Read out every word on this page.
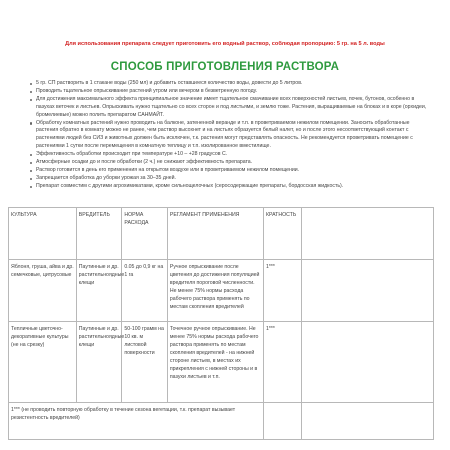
Для использования препарата следует приготовить его водный раствор, соблюдая пропорцию: 5 гр. на 5 л. воды
СПОСОБ ПРИГОТОВЛЕНИЯ РАСТВОРА
5 гр. СП растворить в 1 стакане воды (250 мл) и добавить оставшееся количество воды, довести до 5 литров.
Проводить тщательное опрыскивание растений утром или вечером в безветренную погоду.
Для достижения максимального эффекта принципиальное значение имеет тщательное смачивание всех поверхностей листьев, почек, бутонов, особенно в пазухах веточек и листьев. Опрыскивать нужно тщательно со всех сторон и под листьями, и землю тоже. Растения, выращиваемые на блоках и в коре (орхидеи, бромелиевые) можно полить препаратом САНМАЙТ.
Обработку комнатных растений нужно проводить на балконе, затененной веранде и т.п. в проветриваемом нежилом помещении. Заносить обработанные растения обратно в комнату можно не ранее, чем раствор высохнет и на листьях образуется белый налет, но и после этого несоответствующий контакт с растениями людей без СИЗ и животных должен быть исключен, т.к. растения могут представлять опасность. Не рекомендуется проветривать помещение с растениями 1 сутки после перемещения в комнатную теплицу и т.п. изолированное вместилище.
Эффективность обработки происходит при температуре +10 – +28 градусов С.
Атмосферные осадки до и после обработки (2 ч.) не снижают эффективность препарата.
Раствор готовится в день его применения на открытом воздухе или в проветриваемом нежилом помещении.
Запрещается обработка до уборки урожая за 30–35 дней.
Препарат совместим с другими агрохимикатами, кроме сильнощелочных (серосодержащие препараты, бордосская жидкость).
КУЛЬТУРА	ВРЕДИТЕЛЬ	НОРМА РАСХОДА	РЕГЛАМЕНТ ПРИМЕНЕНИЯ	КРАТНОСТЬ	
Яблоня, груша, айва и др. семечковые, цитрусовые	Паутинные и др. растительноядные клещи	0.05 до 0,9 кг на 1 га	Ручное опрыскивание после цветения до достижения популяцией вредителя пороговой численности. Не менее 75% нормы расхода рабочего раствора применять по местам скопления вредителей	1***	
Тепличные цветочно-декоративные культуры (не на срезку)	Паутинные и др. растительноядные клещи	50-100 грамм на 10 кв. м листовой поверхности	Точечное ручное опрыскивание. Не менее 75% нормы расхода рабочего раствора применять по местам скопления вредителей - на нижней стороне листьев, в местах их прикрепления с нижней стороны и в пазухи листьев и т.п.	1***	
1*** (не проводить повторную обработку в течение сезона вегетации, т.к. препарат вызывает резистентность вредителей)					
